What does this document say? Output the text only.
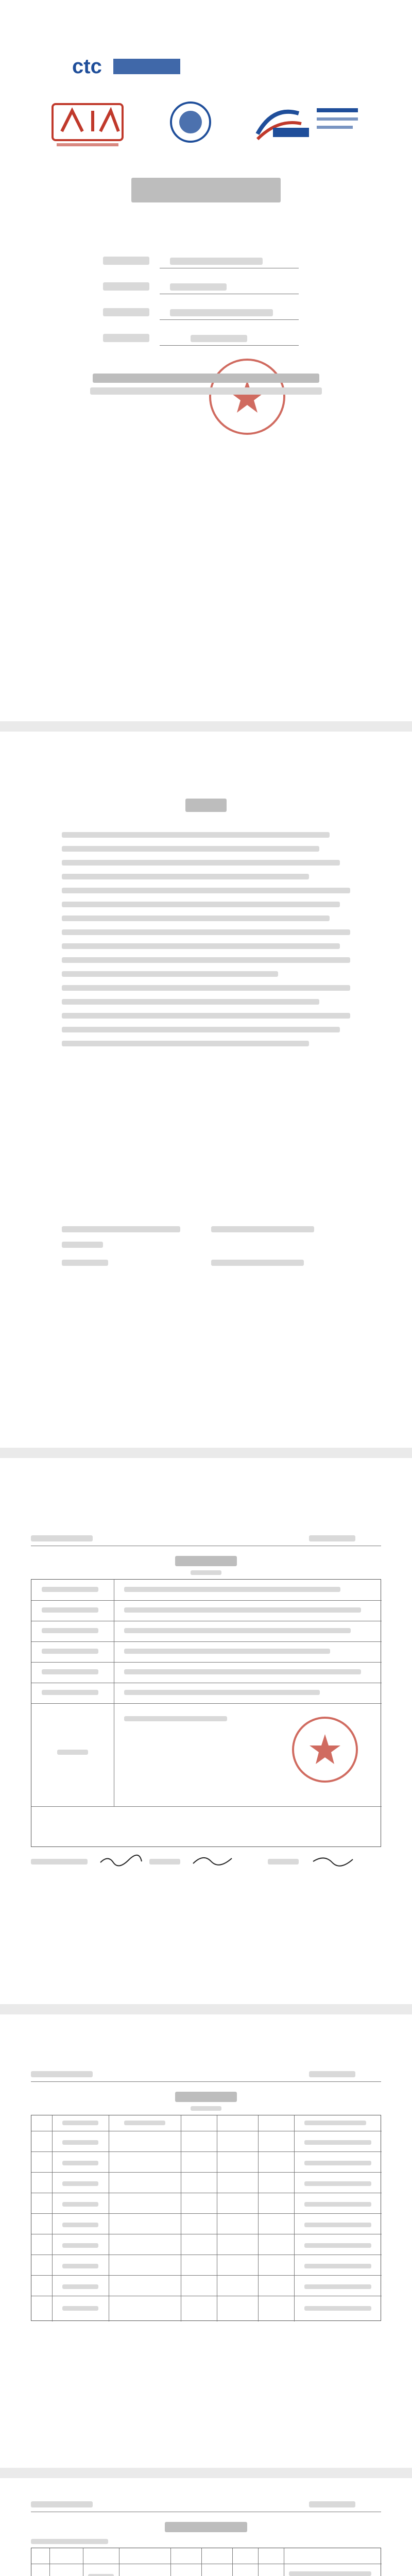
ctc
